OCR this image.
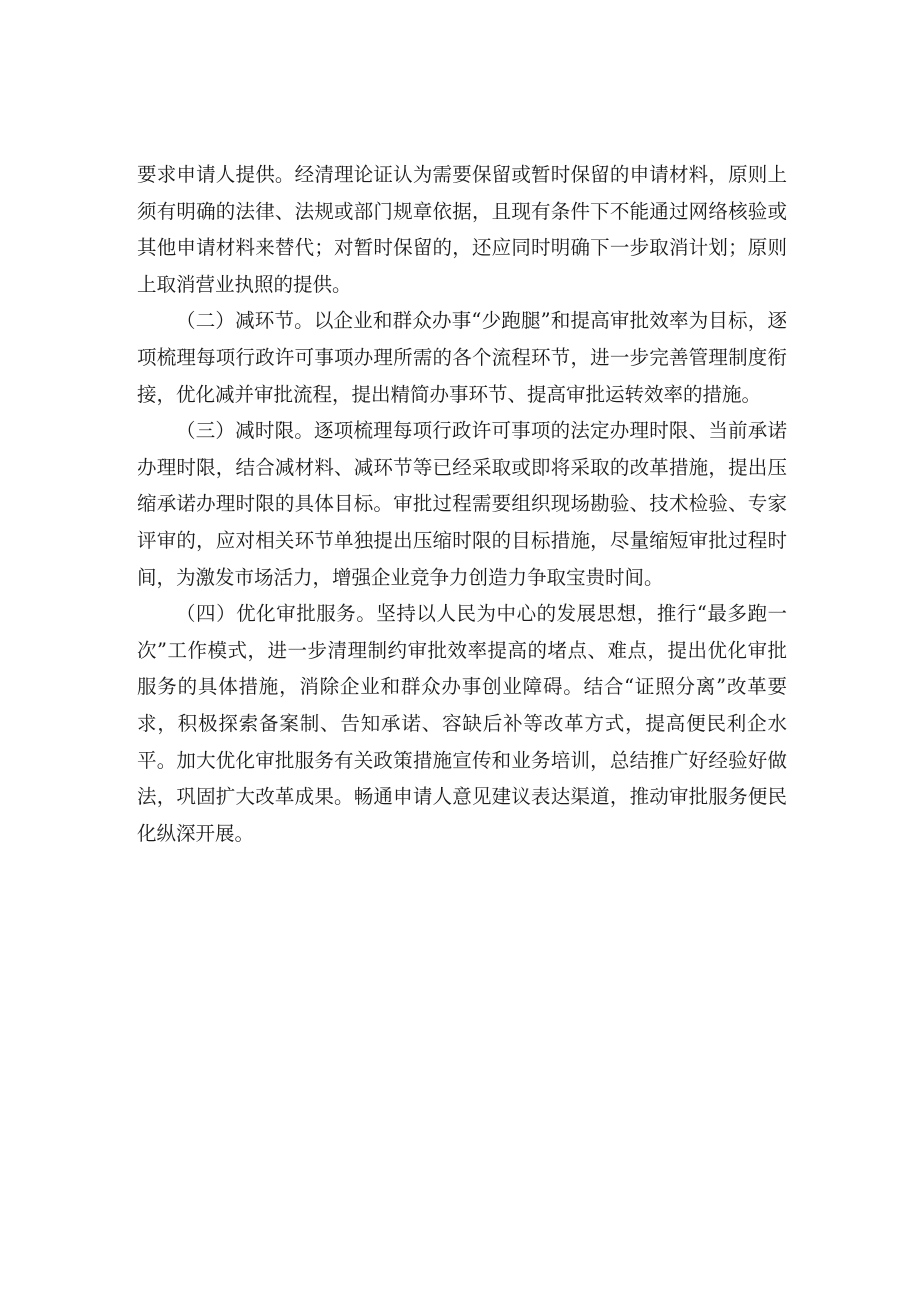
要求申请人提供。经清理论证认为需要保留或暂时保留的申请材料，原则上须有明确的法律、法规或部门规章依据，且现有条件下不能通过网络核验或其他申请材料来替代；对暂时保留的，还应同时明确下一步取消计划；原则上取消营业执照的提供。

（二）减环节。以企业和群众办事“少跑腿”和提高审批效率为目标，逐项梳理每项行政许可事项办理所需的各个流程环节，进一步完善管理制度衔接，优化减并审批流程，提出精简办事环节、提高审批运转效率的措施。

（三）减时限。逐项梳理每项行政许可事项的法定办理时限、当前承诺办理时限，结合减材料、减环节等已经采取或即将采取的改革措施，提出压缩承诺办理时限的具体目标。审批过程需要组织现场勘验、技术检验、专家评审的，应对相关环节单独提出压缩时限的目标措施，尽量缩短审批过程时间，为激发市场活力，增强企业竞争力创造力争取宝贵时间。

（四）优化审批服务。坚持以人民为中心的发展思想，推行“最多跑一次”工作模式，进一步清理制约审批效率提高的堵点、难点，提出优化审批服务的具体措施，消除企业和群众办事创业障碍。结合“证照分离”改革要求，积极探索备案制、告知承诺、容缺后补等改革方式，提高便民利企水平。加大优化审批服务有关政策措施宣传和业务培训，总结推广好经验好做法，巩固扩大改革成果。畅通申请人意见建议表达渠道，推动审批服务便民化纵深开展。
